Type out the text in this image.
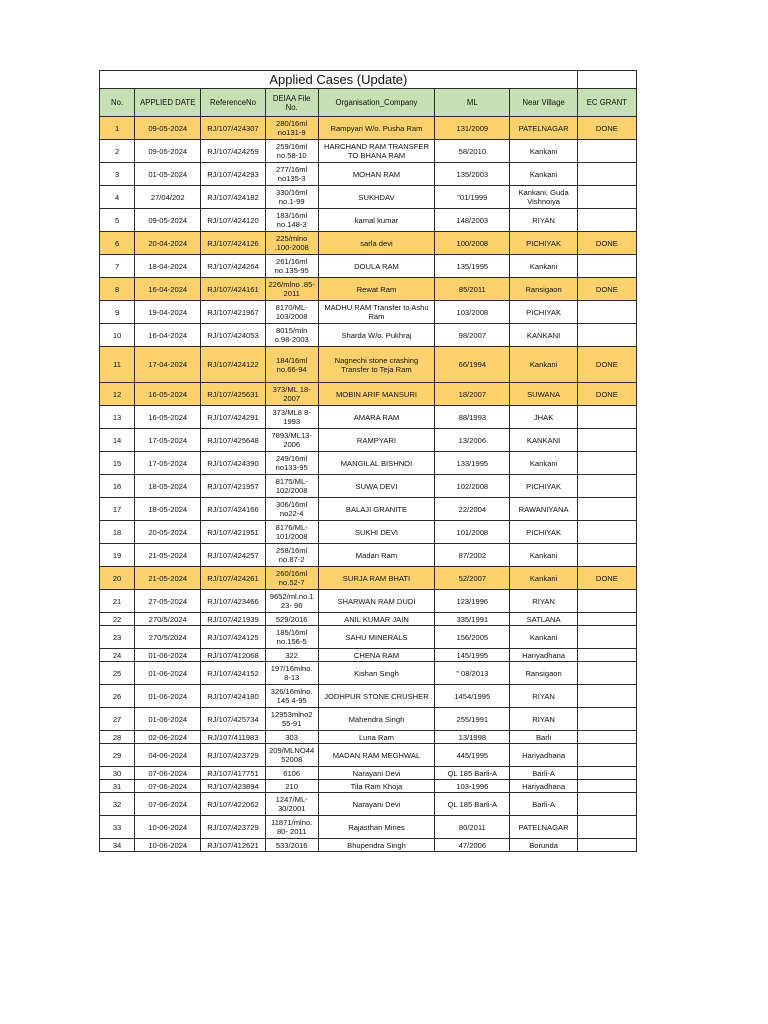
Applied Cases (Update)							
No.	APPLIED DATE	ReferenceNo	DEIAA File No.	Organisation_Company	ML	Near Village	EC GRANT
1	09-05-2024	RJ/107/424307	280/16ml no131-9	Rampyari W/o. Pusha Ram	131/2009	PATELNAGAR	DONE
2	09-05-2024	RJ/107/424259	259/16ml no.58-10	HARCHAND RAM TRANSFER TO BHANA RAM	58/2010	Kankani	
3	01-05-2024	RJ/107/424293	277/16ml no135-3	MOHAN RAM	135/2003	Kankani	
4	27/04/202	RJ/107/424182	330/16ml no.1-99	SUKHDAV	"01/1999	Kankani, Guda Vishnoiya	
5	09-05-2024	RJ/107/424120	183/16ml no.148-3	kamal kumar	148/2003	RIYAN	
6	20-04-2024	RJ/107/424126	225/mlno .100-2008	sarla devi	100/2008	PICHIYAK	DONE
7	18-04-2024	RJ/107/424264	261/16ml no.135-95	DOULA RAM	135/1995	Kankani	
8	16-04-2024	RJ/107/424161	226/mlno .85-2011	Rewat Ram	85/2011	Ransigaon	DONE
9	19-04-2024	RJ/107/421967	8170/ML-103/2008	MADHU RAM Transfer to Ashu Ram	103/2008	PICHIYAK	
10	16-04-2024	RJ/107/424053	8015/mln o.98-2003	Sharda W/o. Pukhraj	98/2007	KANKANI	
11	17-04-2024	RJ/107/424122	184/16ml no.66-94	Nagnechi stone crashing Transfer to Teja Ram	66/1994	Kankani	DONE
12	16-05-2024	RJ/107/425631	373/ML 18-2007	MOBIN ARIF MANSURI	18/2007	SUWANA	DONE
13	16-05-2024	RJ/107/424291	373/ML8 8-1993	AMARA RAM	88/1993	JHAK	
14	17-05-2024	RJ/107/425648	7893/ML13-2006	RAMPYARI	13/2006	KANKANI	
15	17-05-2024	RJ/107/424390	249/16ml no133-95	MANGILAL BISHNOI	133/1995	Kankani	
16	18-05-2024	RJ/107/421957	8175/ML-102/2008	SUWA DEVI	102/2008	PICHIYAK	
17	18-05-2024	RJ/107/424166	306/16ml no22-4	BALAJI GRANITE	22/2004	RAWANIYANA	
18	20-05-2024	RJ/107/421951	8176/ML-101/2008	SUKHI DEVI	101/2008	PICHIYAK	
19	21-05-2024	RJ/107/424257	258/16ml no.87-2	Madan Ram	87/2002	Kankani	
20	21-05-2024	RJ/107/424261	260/16ml no.52-7	SURJA RAM BHATI	52/2007	Kankani	DONE
21	27-05-2024	RJ/107/423466	9652/ml.no.1 23- 96	SHARWAN RAM DUDI	123/1996	RIYAN	
22	270/5/2024	RJ/107/421939	529/2016	ANIL KUMAR JAIN	335/1991	SATLANA	
23	270/5/2024	RJ/107/424125	185/16ml no.156-5	SAHU MINERALS	156/2005	Kankani	
24	01-06-2024	RJ/107/412068	322	CHENA RAM	145/1995	Hariyadhana	
25	01-06-2024	RJ/107/424152	197/16mlno. 8-13	Kishan Singh	" 08/2013	Ransigaon	
26	01-06-2024	RJ/107/424180	326/16mlno. 145 4-95	JODHPUR STONE CRUSHER	1454/1995	RIYAN	
27	01-06-2024	RJ/107/425734	12953mlno2 55-91	Mahendra Singh	255/1991	RIYAN	
28	02-06-2024	RJ/107/411983	303	Luna Ram	13/1998	Barli	
29	04-06-2024	RJ/107/423729	209/MLNO44 52008	MADAN RAM MEGHWAL	445/1995	Hariyadhana	
30	07-06-2024	RJ/107/417751	6106	Narayani Devi	QL 185 Barli-A	Barli-A	
31	07-06-2024	RJ/107/423894	210	Tila Ram Khoja	103-1996	Hariyadhana	
32	07-06-2024	RJ/107/422062	1247/ML-30/2001	Narayani Devi	QL 185 Barli-A	Barli-A	
33	10-06-2024	RJ/107/423729	11871/mlno. 80- 2011	Rajasthan Mines	80/2011	PATELNAGAR	
34	10-06-2024	RJ/107/412621	533/2016	Bhupendra Singh	47/2006	Borunda	
